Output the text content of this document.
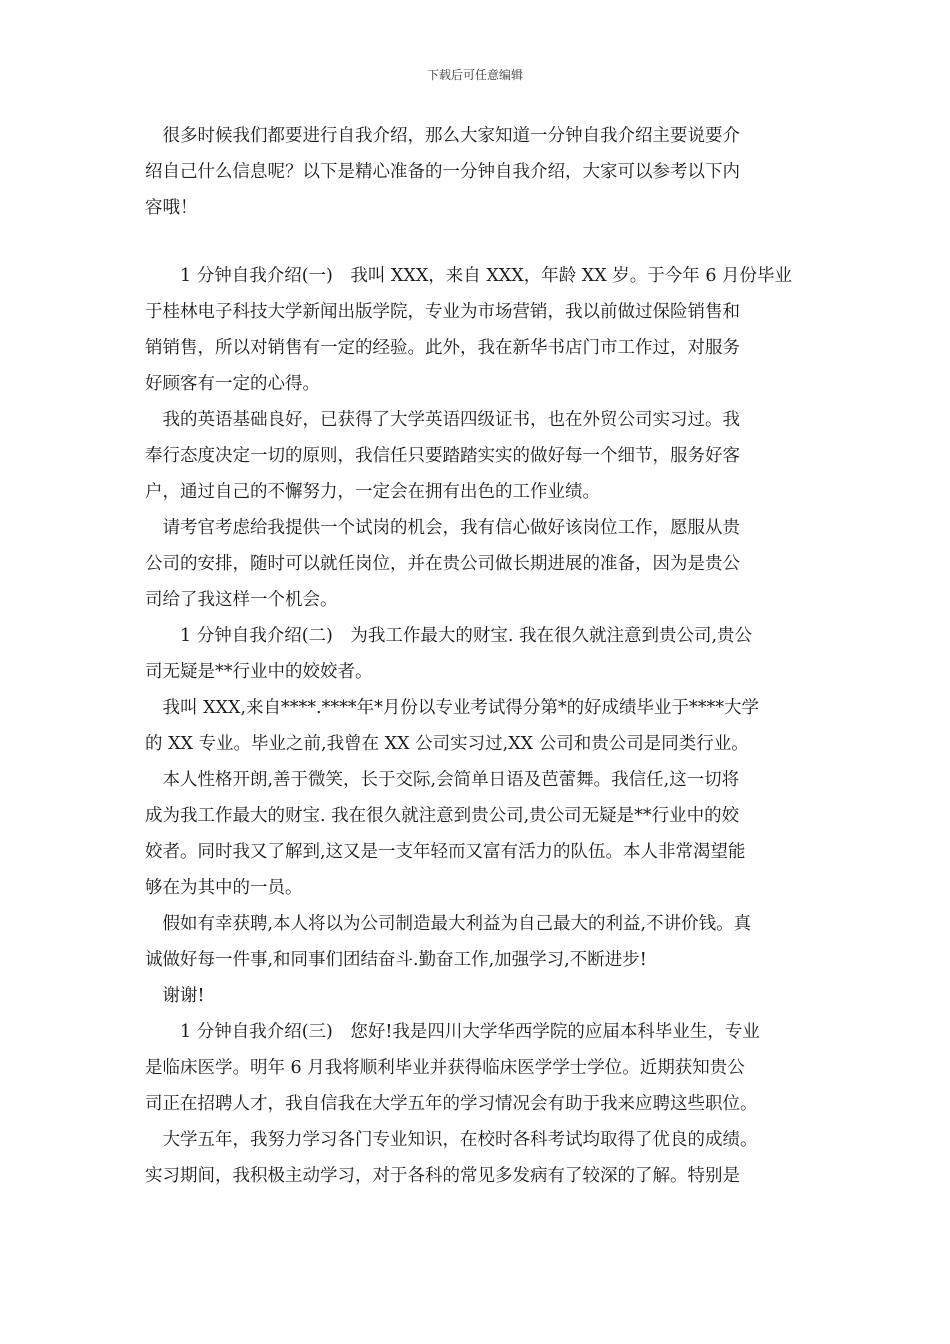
下载后可任意编辑
　很多时候我们都要进行自我介绍，那么大家知道一分钟自我介绍主要说要介
绍自己什么信息呢？以下是精心准备的一分钟自我介绍，大家可以参考以下内
容哦！
　　1 分钟自我介绍(一)　我叫 XXX，来自 XXX，年龄 XX 岁。于今年 6 月份毕业
于桂林电子科技大学新闻出版学院，专业为市场营销，我以前做过保险销售和
销销售，所以对销售有一定的经验。此外，我在新华书店门市工作过，对服务
好顾客有一定的心得。
　我的英语基础良好，已获得了大学英语四级证书，也在外贸公司实习过。我
奉行态度决定一切的原则，我信任只要踏踏实实的做好每一个细节，服务好客
户，通过自己的不懈努力，一定会在拥有出色的工作业绩。
　请考官考虑给我提供一个试岗的机会，我有信心做好该岗位工作，愿服从贵
公司的安排，随时可以就任岗位，并在贵公司做长期进展的准备，因为是贵公
司给了我这样一个机会。
　　1 分钟自我介绍(二)　为我工作最大的财宝. 我在很久就注意到贵公司,贵公
司无疑是**行业中的姣姣者。
　我叫 XXX,来自****.****年*月份以专业考试得分第*的好成绩毕业于****大学
的 XX 专业。毕业之前,我曾在 XX 公司实习过,XX 公司和贵公司是同类行业。
　本人性格开朗,善于微笑，长于交际,会简单日语及芭蕾舞。我信任,这一切将
成为我工作最大的财宝. 我在很久就注意到贵公司,贵公司无疑是**行业中的姣
姣者。同时我又了解到,这又是一支年轻而又富有活力的队伍。本人非常渴望能
够在为其中的一员。
　假如有幸获聘,本人将以为公司制造最大利益为自己最大的利益,不讲价钱。真
诚做好每一件事,和同事们团结奋斗.勤奋工作,加强学习,不断进步!
　谢谢!
　　1 分钟自我介绍(三)　您好!我是四川大学华西学院的应届本科毕业生，专业
是临床医学。明年 6 月我将顺利毕业并获得临床医学学士学位。近期获知贵公
司正在招聘人才，我自信我在大学五年的学习情况会有助于我来应聘这些职位。
　大学五年，我努力学习各门专业知识，在校时各科考试均取得了优良的成绩。
实习期间，我积极主动学习，对于各科的常见多发病有了较深的了解。特别是
